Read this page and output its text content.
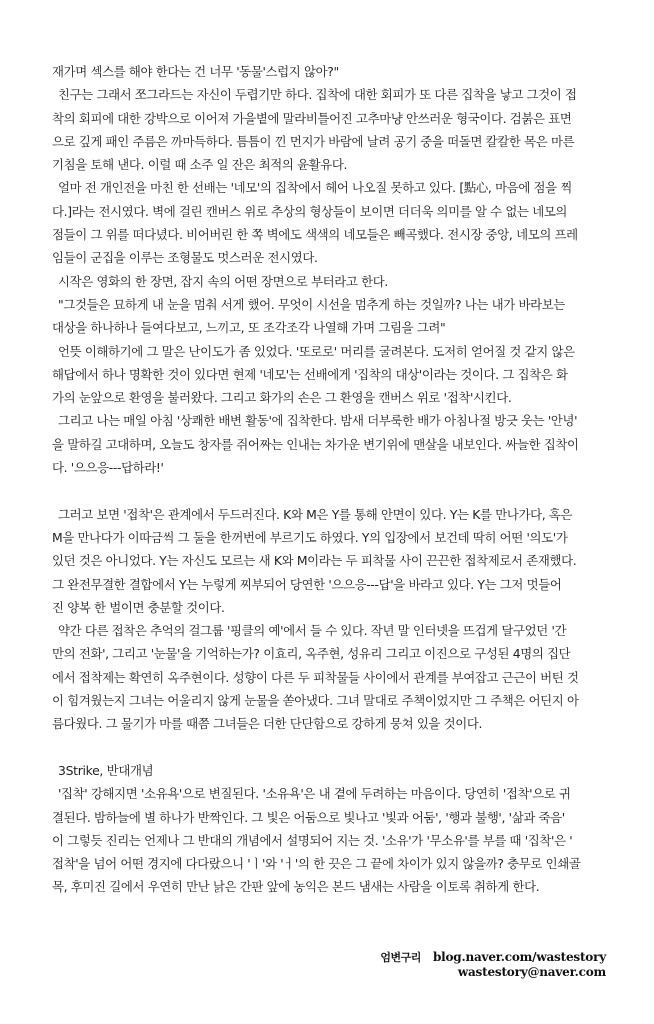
재가며 섹스를 해야 한다는 건 너무 '동물'스럽지 않아?"
친구는 그래서 쪼그라드는 자신이 두렵기만 하다. 집착에 대한 회피가 또 다른 집착을 낳고 그것이 접
착의 회피에 대한 강박으로 이어져 가을볕에 말라비틀어진 고추마냥 안쓰러운 형국이다. 검붉은 표면
으로 깊게 패인 주름은 까마득하다. 틈틈이 낀 먼지가 바람에 날려 공기 중을 떠돌면 칼칼한 목은 마른
기침을 토해 낸다. 이럴 때 소주 일 잔은 최적의 윤활유다.
얼마 전 개인전을 마친 한 선배는 '네모'의 집착에서 헤어 나오질 못하고 있다. [點心, 마음에 점을 찍
다.]라는 전시였다. 벽에 걸린 캔버스 위로 추상의 형상들이 보이면 더더욱 의미를 알 수 없는 네모의
점들이 그 위를 떠다녔다. 비어버린 한 쪽 벽에도 색색의 네모들은 빼곡했다. 전시장 중앙, 네모의 프레
임들이 군집을 이루는 조형물도 멋스러운 전시였다.
시작은 영화의 한 장면, 잡지 속의 어떤 장면으로 부터라고 한다.
"그것들은 묘하게 내 눈을 멈춰 서게 했어. 무엇이 시선을 멈추게 하는 것일까? 나는 내가 바라보는
대상을 하나하나 들여다보고, 느끼고, 또 조각조각 나열해 가며 그림을 그려"
언뜻 이해하기에 그 말은 난이도가 좀 있었다. '또로로' 머리를 굴려본다. 도저히 얻어질 것 같지 않은
해답에서 하나 명확한 것이 있다면 현제 '네모'는 선배에게 '집착의 대상'이라는 것이다. 그 집착은 화
가의 눈앞으로 환영을 불러왔다. 그리고 화가의 손은 그 환영을 캔버스 위로 '접착'시킨다.
그리고 나는 매일 아침 '상쾌한 배변 활동'에 집착한다. 밤새 더부룩한 배가 아침나절 방긋 웃는 '안녕'
을 말하길 고대하며, 오늘도 창자를 쥐어짜는 인내는 차가운 변기위에 맨살을 내보인다. 싸늘한 집착이
다. '으으응---답하라!'
그러고 보면 '접착'은 관계에서 두드러진다. K와 M은 Y를 통해 안면이 있다. Y는 K를 만나가다, 혹은
M을 만나다가 이따금씩 그 둘을 한꺼번에 부르기도 하였다. Y의 입장에서 보건데 딱히 어떤 '의도'가
있던 것은 아니었다. Y는 자신도 모르는 새 K와 M이라는 두 피착물 사이 끈끈한 접착제로서 존재했다.
그 완전무결한 결합에서 Y는 누렇게 찌부되어 당연한 '으으응---답'을 바라고 있다. Y는 그저 멋들어
진 양복 한 벌이면 충분할 것이다.
약간 다른 접착은 추억의 걸그룹 '핑클의 예'에서 들 수 있다. 작년 말 인터넷을 뜨겁게 달구었던 '간
만의 전화', 그리고 '눈물'을 기억하는가? 이효리, 옥주현, 성유리 그리고 이진으로 구성된 4명의 집단
에서 접착제는 확연히 옥주현이다. 성향이 다른 두 피착물들 사이에서 관계를 부여잡고 근근이 버틴 것
이 힘겨웠는지 그녀는 어울리지 않게 눈물을 쏟아냈다. 그녀 말대로 주책이었지만 그 주책은 어딘지 아
름다웠다. 그 물기가 마를 때쯤 그녀들은 더한 단단함으로 강하게 뭉쳐 있을 것이다.
3Strike, 반대개념
'집착' 강해지면 '소유욕'으로 변질된다. '소유욕'은 내 곁에 두려하는 마음이다. 당연히 '접착'으로 귀
결된다. 밤하늘에 별 하나가 반짝인다. 그 빛은 어둠으로 빛나고 '빛과 어둠', '행과 불행', '삶과 죽음'
이 그렇듯 진리는 언제나 그 반대의 개념에서 설명되어 지는 것. '소유'가 '무소유'를 부를 때 '집착'은 '
접착'을 넘어 어떤 경지에 다다랐으니 'ㅣ'와 'ㅓ'의 한 끗은 그 끝에 차이가 있지 않을까? 충무로 인쇄골
목, 후미진 길에서 우연히 만난 낡은 간판 앞에 농익은 본드 냄새는 사람을 이토록 취하게 한다.
엄변구리 blog.naver.com/wastestory
wastestory@naver.com
